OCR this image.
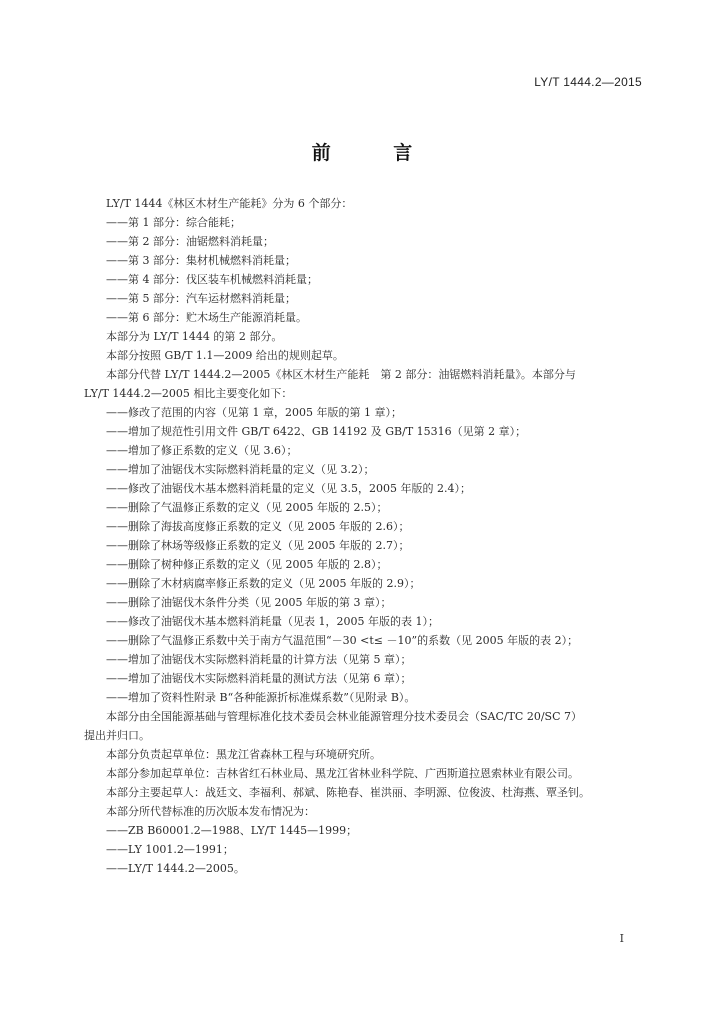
LY/T 1444.2—2015
前 言

LY/T 1444《林区木材生产能耗》分为 6 个部分：

——第 1 部分：综合能耗；

——第 2 部分：油锯燃料消耗量；

——第 3 部分：集材机械燃料消耗量；

——第 4 部分：伐区装车机械燃料消耗量；

——第 5 部分：汽车运材燃料消耗量；

——第 6 部分：贮木场生产能源消耗量。

本部分为 LY/T 1444 的第 2 部分。

本部分按照 GB/T 1.1—2009 给出的规则起草。

本部分代替 LY/T 1444.2—2005《林区木材生产能耗　第 2 部分：油锯燃料消耗量》。本部分与

LY/T 1444.2—2005 相比主要变化如下：

——修改了范围的内容（见第 1 章，2005 年版的第 1 章）；

——增加了规范性引用文件 GB/T 6422、GB 14192 及 GB/T 15316（见第 2 章）；

——增加了修正系数的定义（见 3.6）；

——增加了油锯伐木实际燃料消耗量的定义（见 3.2）；

——修改了油锯伐木基本燃料消耗量的定义（见 3.5，2005 年版的 2.4）；

——删除了气温修正系数的定义（见 2005 年版的 2.5）；

——删除了海拔高度修正系数的定义（见 2005 年版的 2.6）；

——删除了林场等级修正系数的定义（见 2005 年版的 2.7）；

——删除了树种修正系数的定义（见 2005 年版的 2.8）；

——删除了木材病腐率修正系数的定义（见 2005 年版的 2.9）；

——删除了油锯伐木条件分类（见 2005 年版的第 3 章）；

——修改了油锯伐木基本燃料消耗量（见表 1，2005 年版的表 1）；

——删除了气温修正系数中关于南方气温范围“－30 <t≤ －10”的系数（见 2005 年版的表 2）；

——增加了油锯伐木实际燃料消耗量的计算方法（见第 5 章）；

——增加了油锯伐木实际燃料消耗量的测试方法（见第 6 章）；

——增加了资料性附录 B“各种能源折标准煤系数”（见附录 B）。

本部分由全国能源基础与管理标准化技术委员会林业能源管理分技术委员会（SAC/TC 20/SC 7）

提出并归口。

本部分负责起草单位：黑龙江省森林工程与环境研究所。

本部分参加起草单位：吉林省红石林业局、黑龙江省林业科学院、广西斯道拉恩索林业有限公司。

本部分主要起草人：战廷文、李福利、郝斌、陈艳春、崔洪丽、李明源、位俊波、杜海燕、覃圣钊。

本部分所代替标准的历次版本发布情况为：

——ZB B60001.2—1988、LY/T 1445—1999；

——LY 1001.2—1991；

——LY/T 1444.2—2005。

I
